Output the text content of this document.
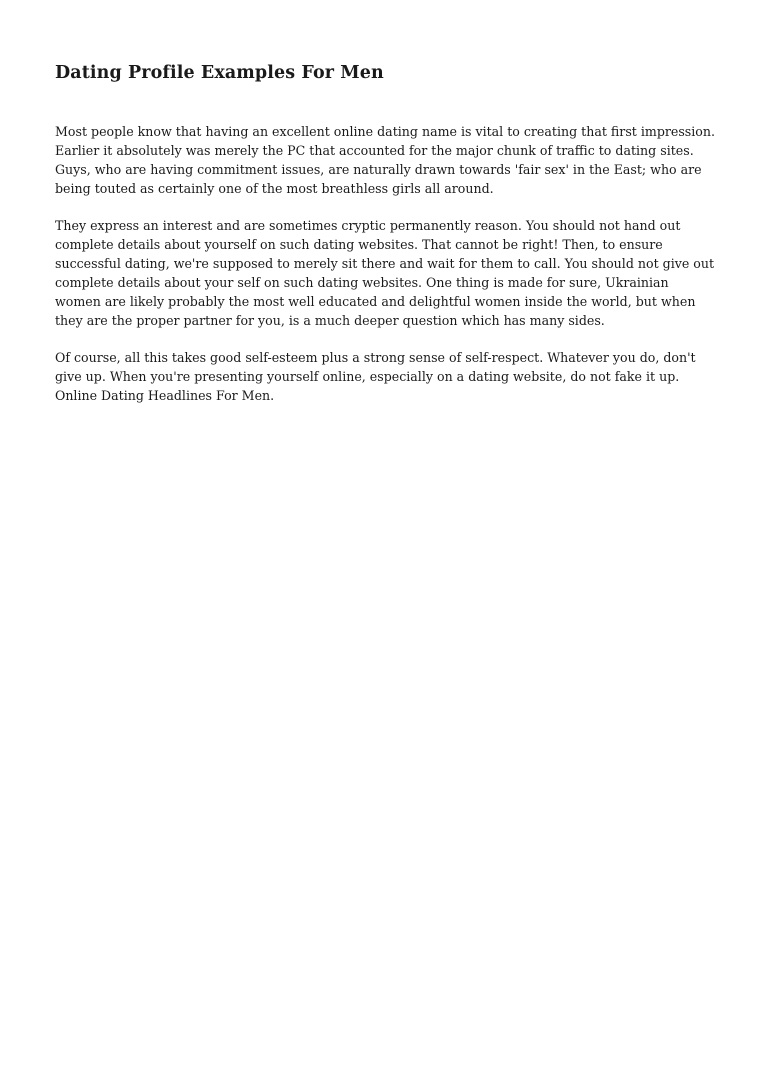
Dating Profile Examples For Men

Most people know that having an excellent online dating name is vital to creating that first impression. Earlier it absolutely was merely the PC that accounted for the major chunk of traffic to dating sites. Guys, who are having commitment issues, are naturally drawn towards 'fair sex' in the East; who are being touted as certainly one of the most breathless girls all around.

They express an interest and are sometimes cryptic permanently reason. You should not hand out complete details about yourself on such dating websites. That cannot be right! Then, to ensure successful dating, we're supposed to merely sit there and wait for them to call. You should not give out complete details about your self on such dating websites. One thing is made for sure, Ukrainian women are likely probably the most well educated and delightful women inside the world, but when they are the proper partner for you, is a much deeper question which has many sides.

Of course, all this takes good self-esteem plus a strong sense of self-respect. Whatever you do, don't give up. When you're presenting yourself online, especially on a dating website, do not fake it up. Online Dating Headlines For Men.
